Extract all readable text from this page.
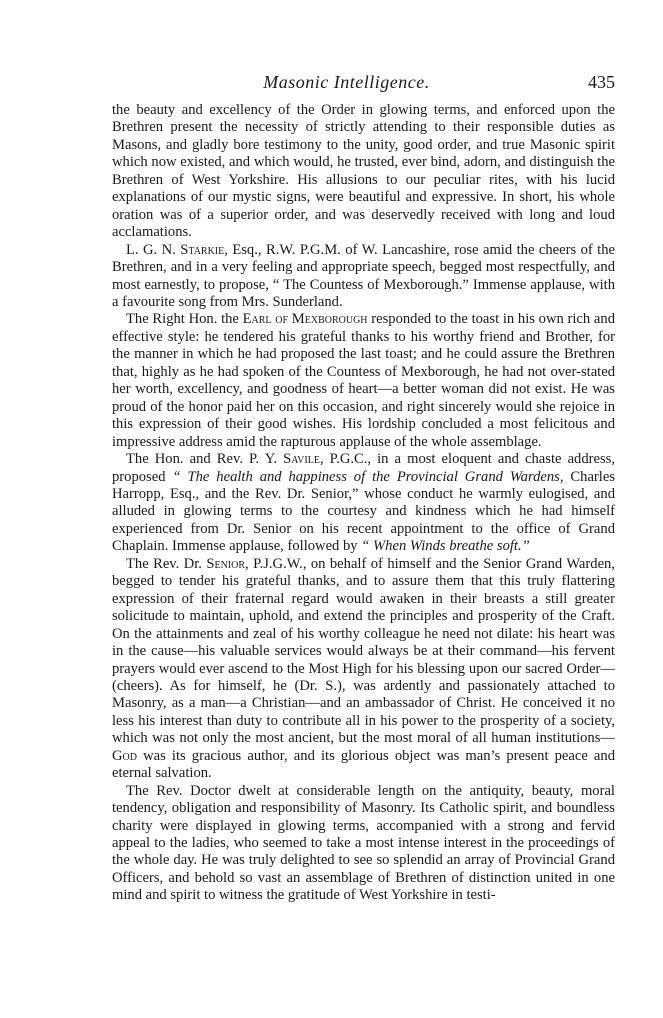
Masonic Intelligence.	435

the beauty and excellency of the Order in glowing terms, and enforced upon the Brethren present the necessity of strictly attending to their responsible duties as Masons, and gladly bore testimony to the unity, good order, and true Masonic spirit which now existed, and which would, he trusted, ever bind, adorn, and distinguish the Brethren of West Yorkshire. His allusions to our peculiar rites, with his lucid explanations of our mystic signs, were beautiful and expressive. In short, his whole oration was of a superior order, and was deservedly received with long and loud acclamations.

L. G. N. Starkie, Esq., R.W. P.G.M. of W. Lancashire, rose amid the cheers of the Brethren, and in a very feeling and appropriate speech, begged most respectfully, and most earnestly, to propose, “ The Countess of Mexborough.” Immense applause, with a favourite song from Mrs. Sunderland.

The Right Hon. the Earl of Mexborough responded to the toast in his own rich and effective style: he tendered his grateful thanks to his worthy friend and Brother, for the manner in which he had proposed the last toast; and he could assure the Brethren that, highly as he had spoken of the Countess of Mexborough, he had not over-stated her worth, excellency, and goodness of heart—a better woman did not exist. He was proud of the honor paid her on this occasion, and right sincerely would she rejoice in this expression of their good wishes. His lordship concluded a most felicitous and impressive address amid the rapturous applause of the whole assemblage.

The Hon. and Rev. P. Y. Savile, P.G.C., in a most eloquent and chaste address, proposed “ The health and happiness of the Provincial Grand Wardens, Charles Harropp, Esq., and the Rev. Dr. Senior,” whose conduct he warmly eulogised, and alluded in glowing terms to the courtesy and kindness which he had himself experienced from Dr. Senior on his recent appointment to the office of Grand Chaplain. Immense applause, followed by “ When Winds breathe soft.”

The Rev. Dr. Senior, P.J.G.W., on behalf of himself and the Senior Grand Warden, begged to tender his grateful thanks, and to assure them that this truly flattering expression of their fraternal regard would awaken in their breasts a still greater solicitude to maintain, uphold, and extend the principles and prosperity of the Craft. On the attainments and zeal of his worthy colleague he need not dilate: his heart was in the cause—his valuable services would always be at their command—his fervent prayers would ever ascend to the Most High for his blessing upon our sacred Order—(cheers). As for himself, he (Dr. S.), was ardently and passionately attached to Masonry, as a man—a Christian—and an ambassador of Christ. He conceived it no less his interest than duty to contribute all in his power to the prosperity of a society, which was not only the most ancient, but the most moral of all human institutions—God was its gracious author, and its glorious object was man’s present peace and eternal salvation.

The Rev. Doctor dwelt at considerable length on the antiquity, beauty, moral tendency, obligation and responsibility of Masonry. Its Catholic spirit, and boundless charity were displayed in glowing terms, accompanied with a strong and fervid appeal to the ladies, who seemed to take a most intense interest in the proceedings of the whole day. He was truly delighted to see so splendid an array of Provincial Grand Officers, and behold so vast an assemblage of Brethren of distinction united in one mind and spirit to witness the gratitude of West Yorkshire in testi-
